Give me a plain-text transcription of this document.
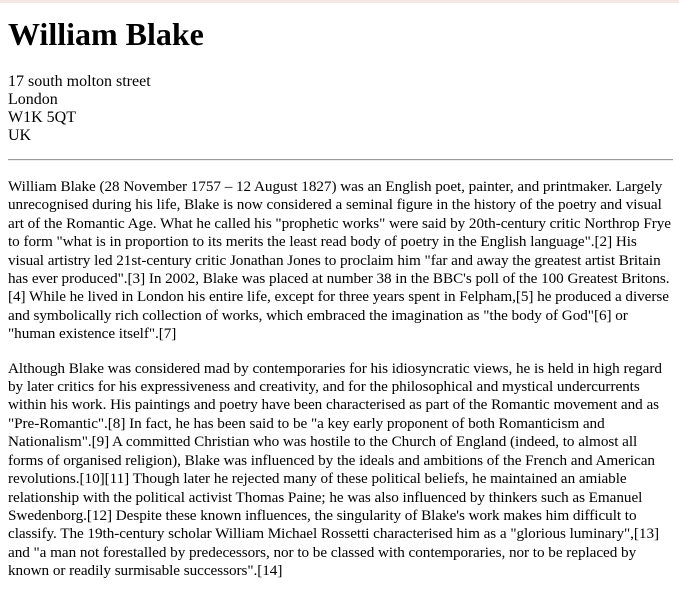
William Blake
17 south molton street
London
W1K 5QT
UK

William Blake (28 November 1757 – 12 August 1827) was an English poet, painter, and printmaker. Largely unrecognised during his life, Blake is now considered a seminal figure in the history of the poetry and visual art of the Romantic Age. What he called his "prophetic works" were said by 20th-century critic Northrop Frye to form "what is in proportion to its merits the least read body of poetry in the English language".[2] His visual artistry led 21st-century critic Jonathan Jones to proclaim him "far and away the greatest artist Britain has ever produced".[3] In 2002, Blake was placed at number 38 in the BBC's poll of the 100 Greatest Britons.[4] While he lived in London his entire life, except for three years spent in Felpham,[5] he produced a diverse and symbolically rich collection of works, which embraced the imagination as "the body of God"[6] or "human existence itself".[7]

Although Blake was considered mad by contemporaries for his idiosyncratic views, he is held in high regard by later critics for his expressiveness and creativity, and for the philosophical and mystical undercurrents within his work. His paintings and poetry have been characterised as part of the Romantic movement and as "Pre-Romantic".[8] In fact, he has been said to be "a key early proponent of both Romanticism and Nationalism".[9] A committed Christian who was hostile to the Church of England (indeed, to almost all forms of organised religion), Blake was influenced by the ideals and ambitions of the French and American revolutions.[10][11] Though later he rejected many of these political beliefs, he maintained an amiable relationship with the political activist Thomas Paine; he was also influenced by thinkers such as Emanuel Swedenborg.[12] Despite these known influences, the singularity of Blake's work makes him difficult to classify. The 19th-century scholar William Michael Rossetti characterised him as a "glorious luminary",[13] and "a man not forestalled by predecessors, nor to be classed with contemporaries, nor to be replaced by known or readily surmisable successors".[14]
